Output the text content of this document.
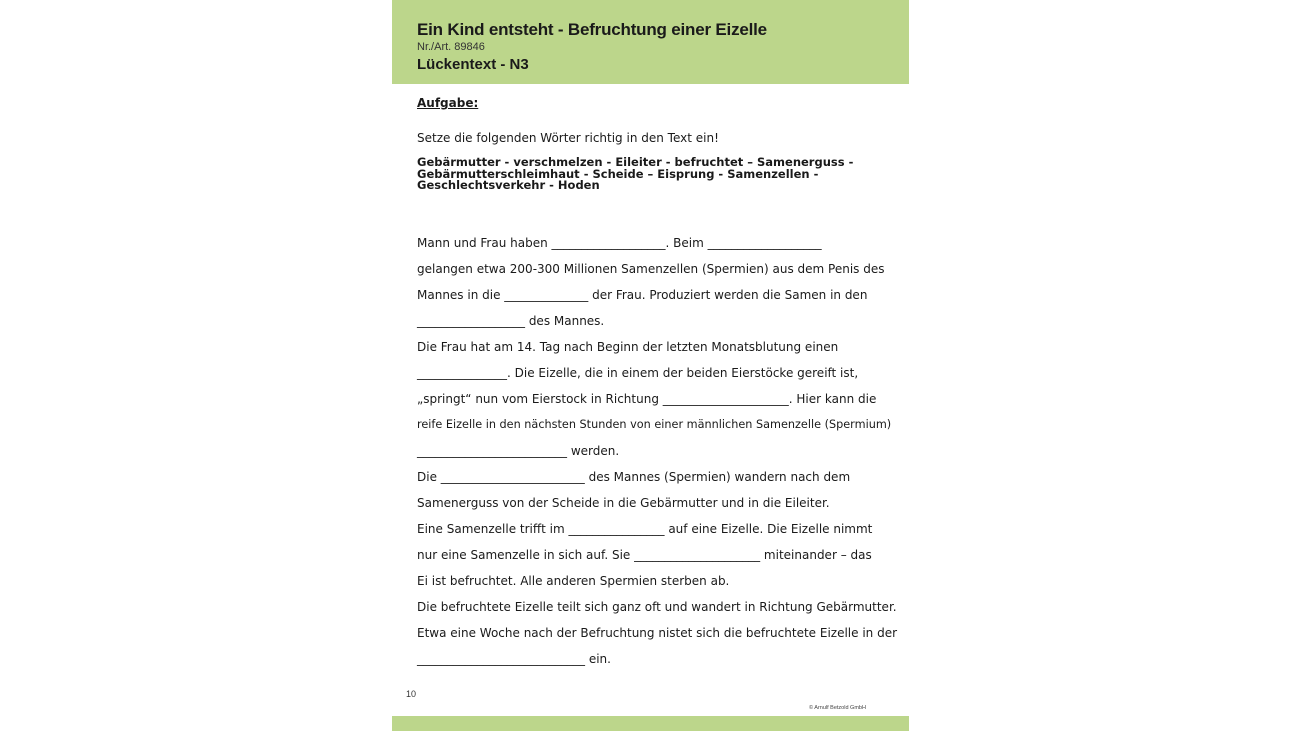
Ein Kind entsteht - Befruchtung einer Eizelle
Nr./Art. 89846
Lückentext - N3
Aufgabe:
Setze die folgenden Wörter richtig in den Text ein!
Gebärmutter - verschmelzen - Eileiter - befruchtet – Samenerguss -
Gebärmutterschleimhaut - Scheide – Eisprung - Samenzellen -
Geschlechtsverkehr - Hoden
Mann und Frau haben ___________________. Beim ___________________
gelangen etwa 200-300 Millionen Samenzellen (Spermien) aus dem Penis des
Mannes in die ______________ der Frau. Produziert werden die Samen in den
__________________ des Mannes.
Die Frau hat am 14. Tag nach Beginn der letzten Monatsblutung einen
_______________. Die Eizelle, die in einem der beiden Eierstöcke gereift ist,
„springt“ nun vom Eierstock in Richtung _____________________. Hier kann die
reife Eizelle in den nächsten Stunden von einer männlichen Samenzelle (Spermium)
_________________________ werden.
Die ________________________ des Mannes (Spermien) wandern nach dem
Samenerguss von der Scheide in die Gebärmutter und in die Eileiter.
Eine Samenzelle trifft im ________________ auf eine Eizelle. Die Eizelle nimmt
nur eine Samenzelle in sich auf. Sie _____________________ miteinander – das
Ei ist befruchtet. Alle anderen Spermien sterben ab.
Die befruchtete Eizelle teilt sich ganz oft und wandert in Richtung Gebärmutter.
Etwa eine Woche nach der Befruchtung nistet sich die befruchtete Eizelle in der
____________________________ ein.
10
© Arnulf Betzold GmbH
